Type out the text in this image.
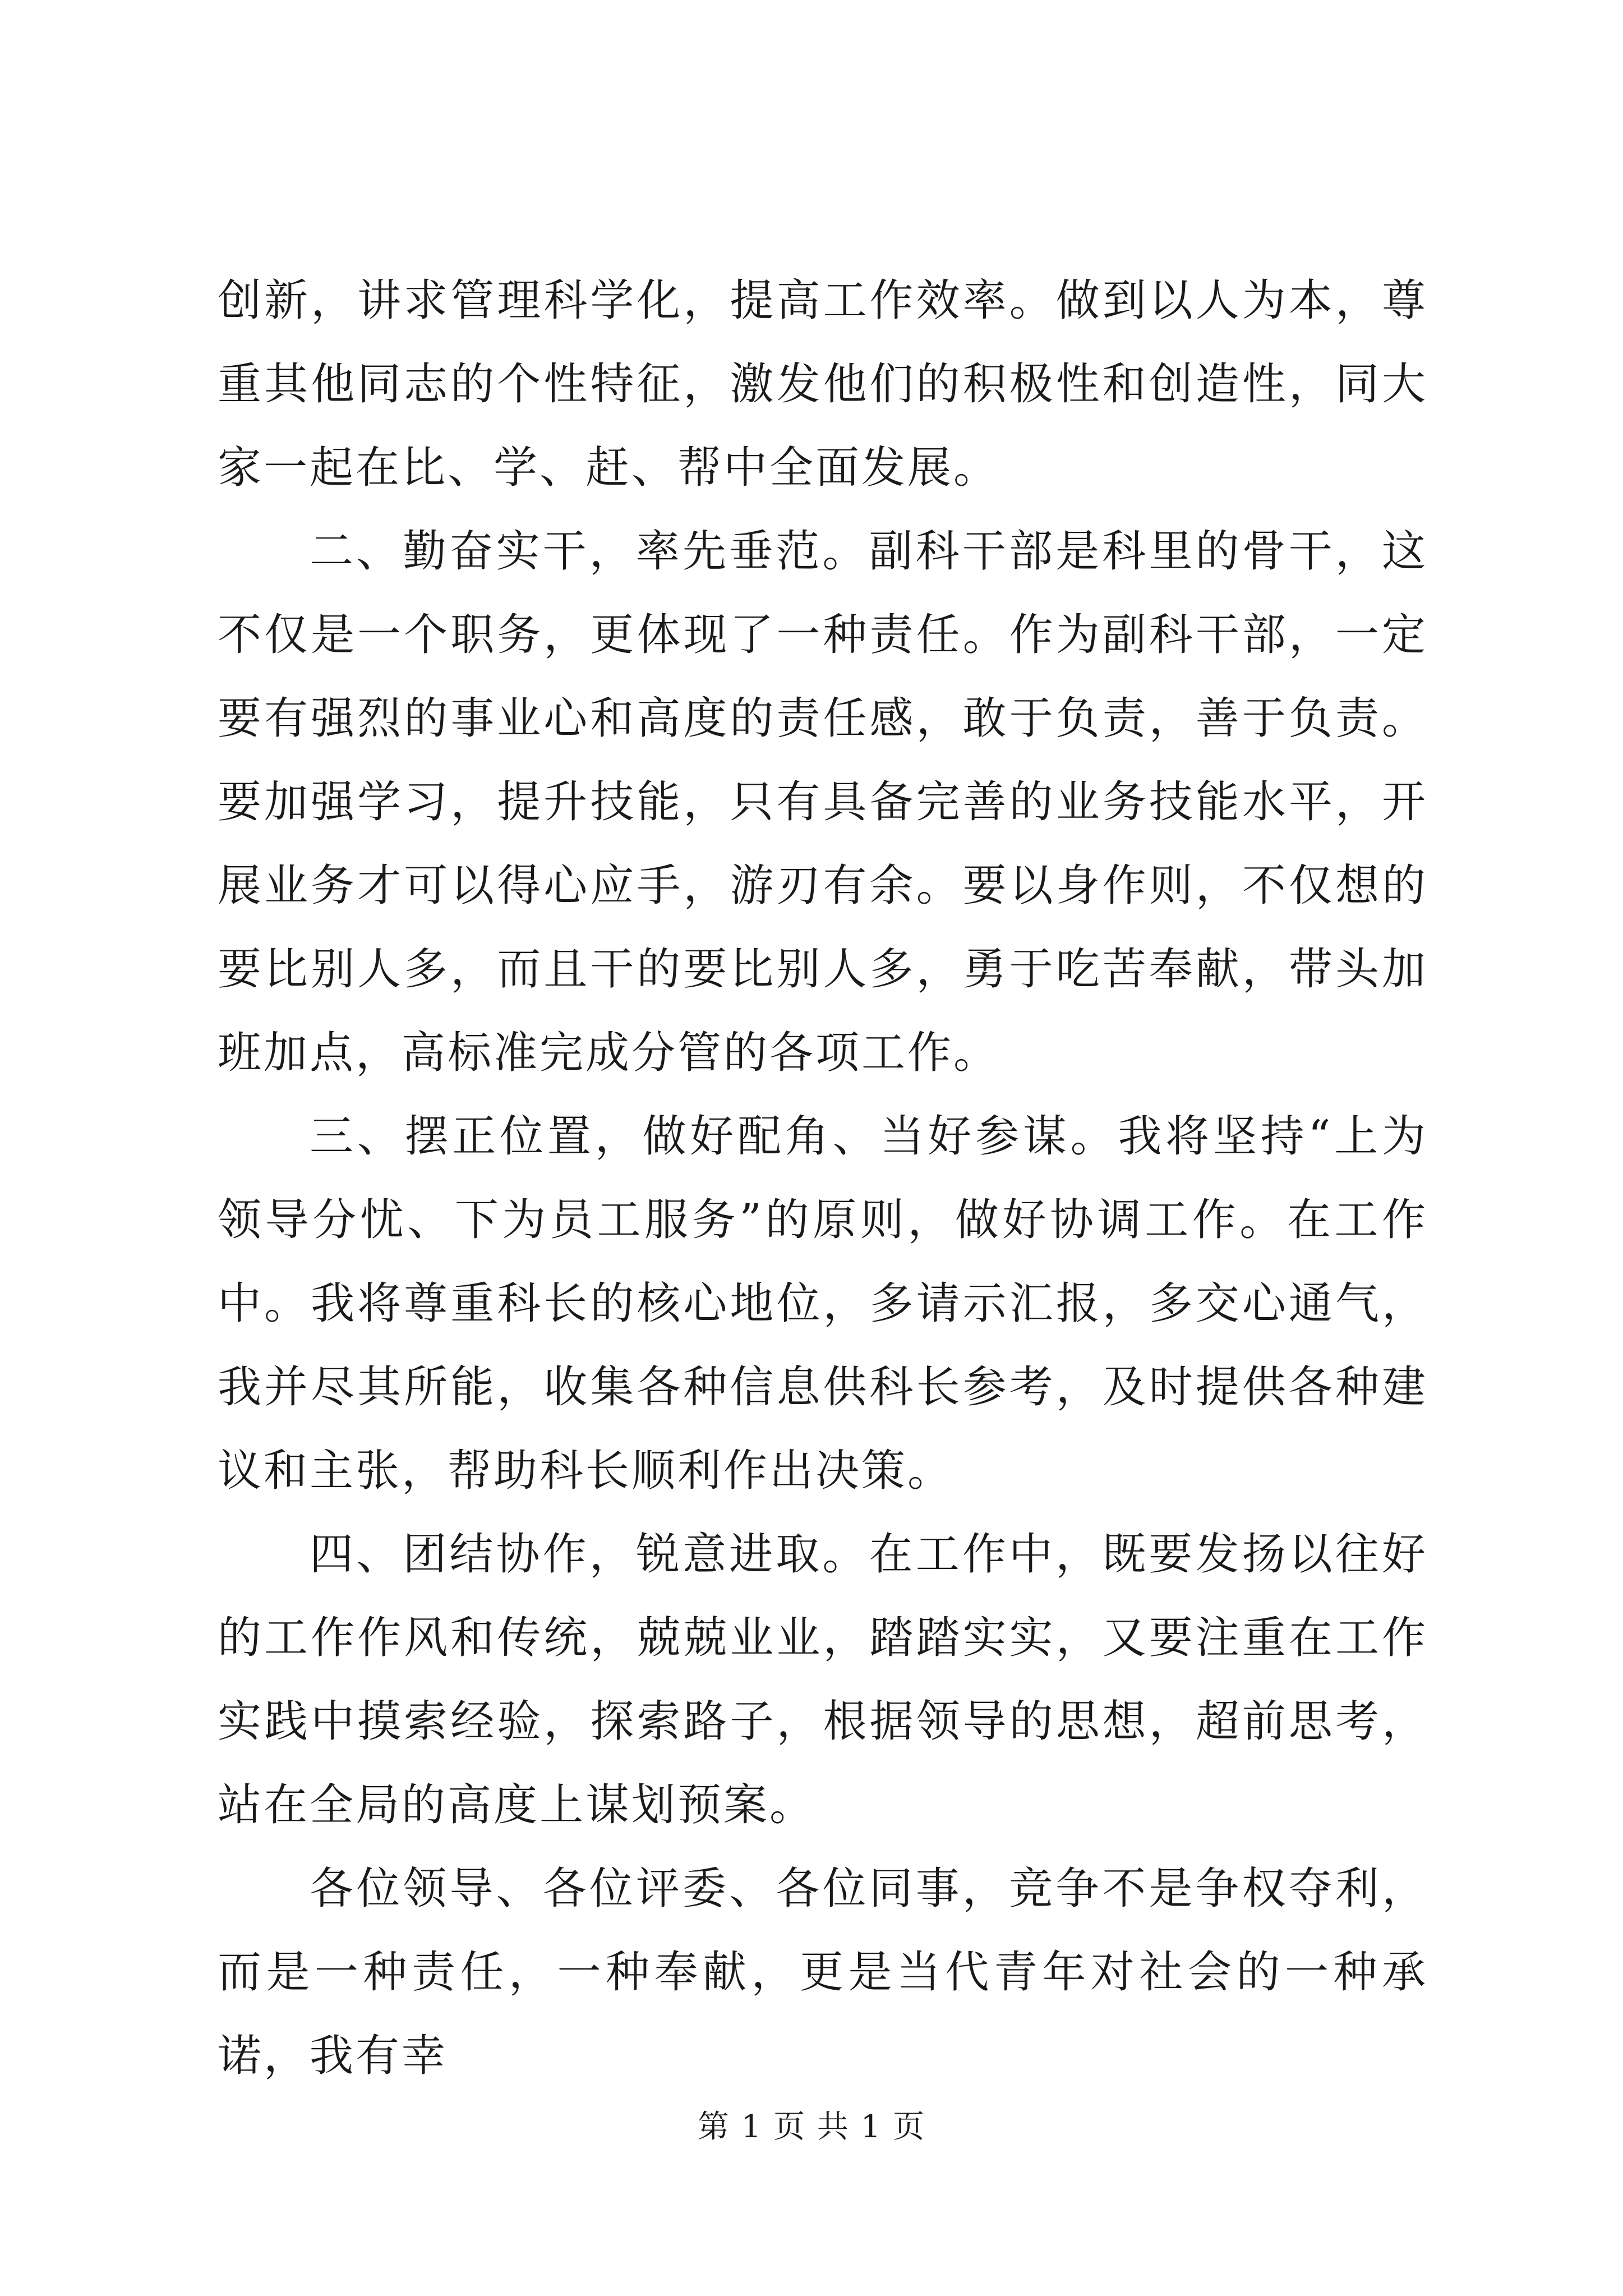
创新，讲求管理科学化，提高工作效率。做到以人为本，尊重其他同志的个性特征，激发他们的积极性和创造性，同大家一起在比、学、赶、帮中全面发展。

二、勤奋实干，率先垂范。副科干部是科里的骨干，这不仅是一个职务，更体现了一种责任。作为副科干部，一定要有强烈的事业心和高度的责任感，敢于负责，善于负责。要加强学习，提升技能，只有具备完善的业务技能水平，开展业务才可以得心应手，游刃有余。要以身作则，不仅想的要比别人多，而且干的要比别人多，勇于吃苦奉献，带头加班加点，高标准完成分管的各项工作。

三、摆正位置，做好配角、当好参谋。我将坚持“上为领导分忧、下为员工服务”的原则，做好协调工作。在工作中。我将尊重科长的核心地位，多请示汇报，多交心通气，我并尽其所能，收集各种信息供科长参考，及时提供各种建议和主张，帮助科长顺利作出决策。

四、团结协作，锐意进取。在工作中，既要发扬以往好的工作作风和传统，兢兢业业，踏踏实实，又要注重在工作实践中摸索经验，探索路子，根据领导的思想，超前思考，站在全局的高度上谋划预案。

各位领导、各位评委、各位同事，竞争不是争权夺利，而是一种责任，一种奉献，更是当代青年对社会的一种承诺，我有幸

第 1 页 共 1 页
